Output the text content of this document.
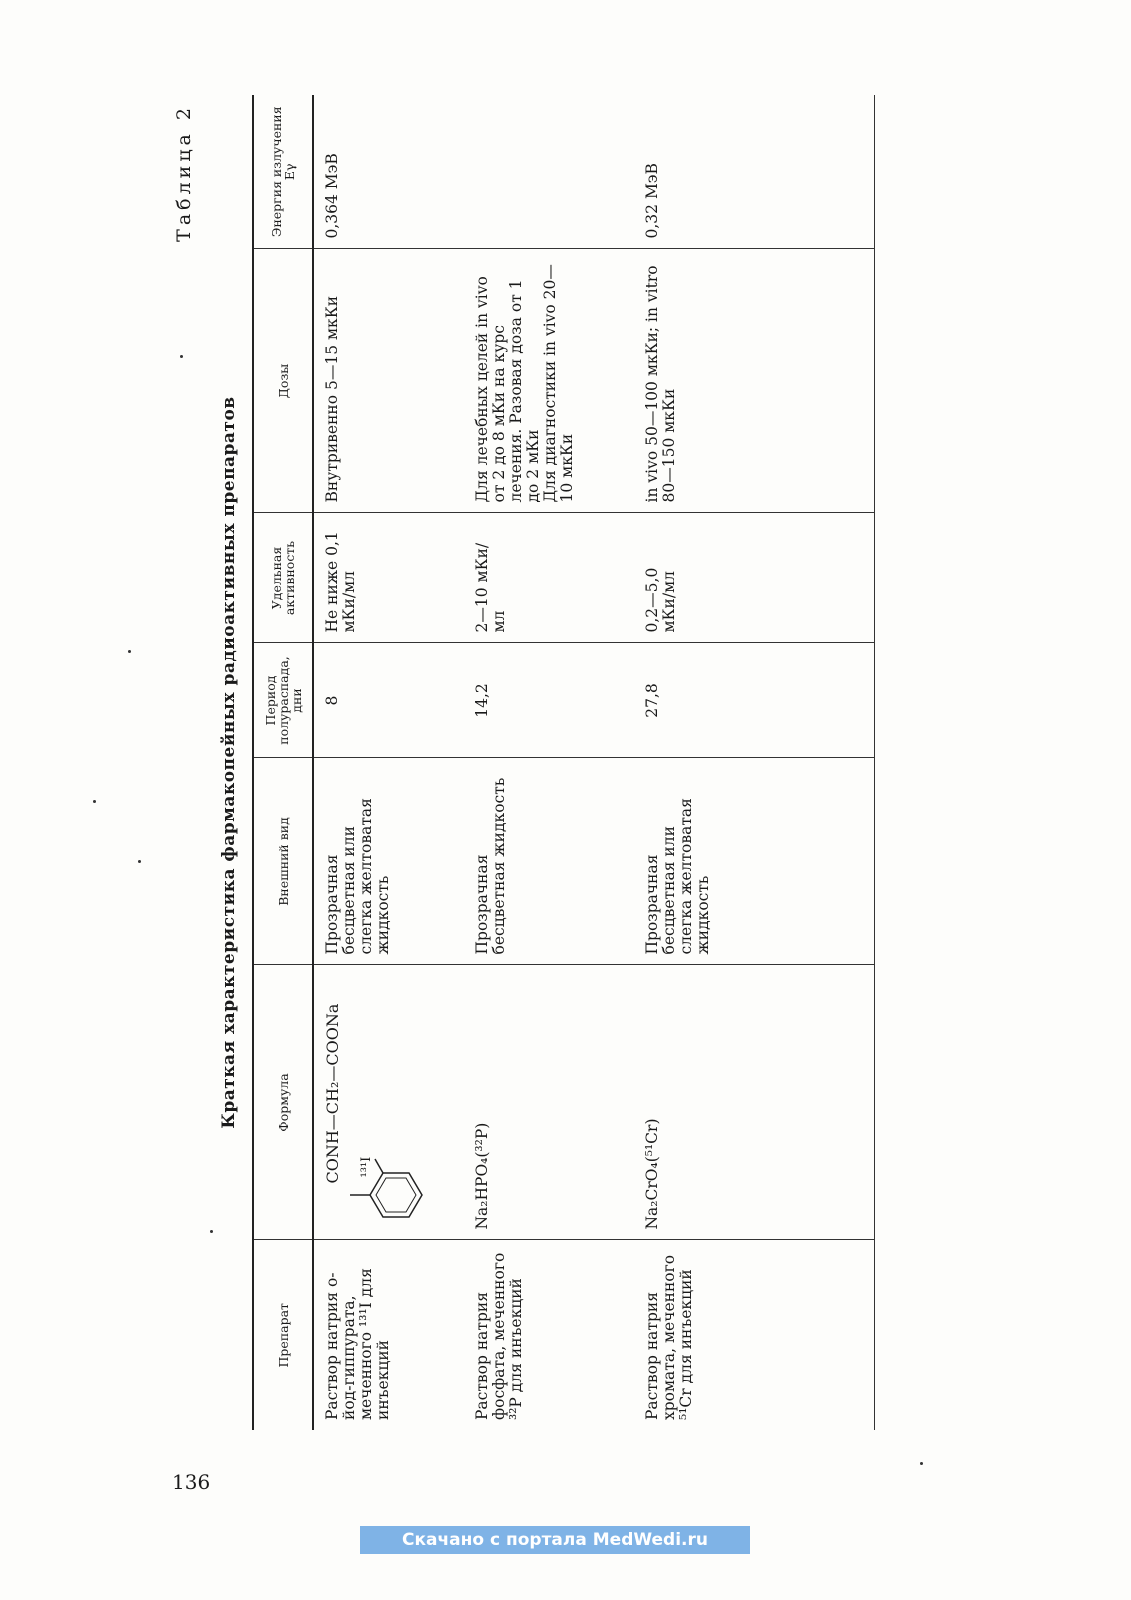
136
Таблица 2
Краткая характеристика фармакопейных радиоактивных препаратов
Препарат	Формула	Внешний вид	Период полураспада, дни	Удельная активность	Дозы	Энергия излучения Eγ
Раствор натрия о-йод-гиппурата, меченного ¹³¹I для инъекций	CONH—CH₂—COONa ¹³¹I	Прозрачная бесцветная или слегка желтоватая жидкость	8	Не ниже 0,1 мКи/мл	Внутривенно 5—15 мкКи	0,364 МэВ
Раствор натрия фосфата, меченного ³²P для инъекций	Na₂HPO₄(³²P)	Прозрачная бесцветная жидкость	14,2	2—10 мКи/мл	Для лечебных целей in vivo от 2 до 8 мКи на курс лечения. Разовая доза от 1 до 2 мКи Для диагностики in vivo 20—10 мкКи	

Раствор натрия хромата, меченного ⁵¹Cr для инъекций	Na₂CrO₄(⁵¹Cr)	Прозрачная бесцветная или слегка желтоватая жидкость	27,8	0,2—5,0 мКи/мл	in vivo 50—100 мкКи; in vitro 80—150 мкКи	0,32 МэВ
Скачано с портала MedWedi.ru
